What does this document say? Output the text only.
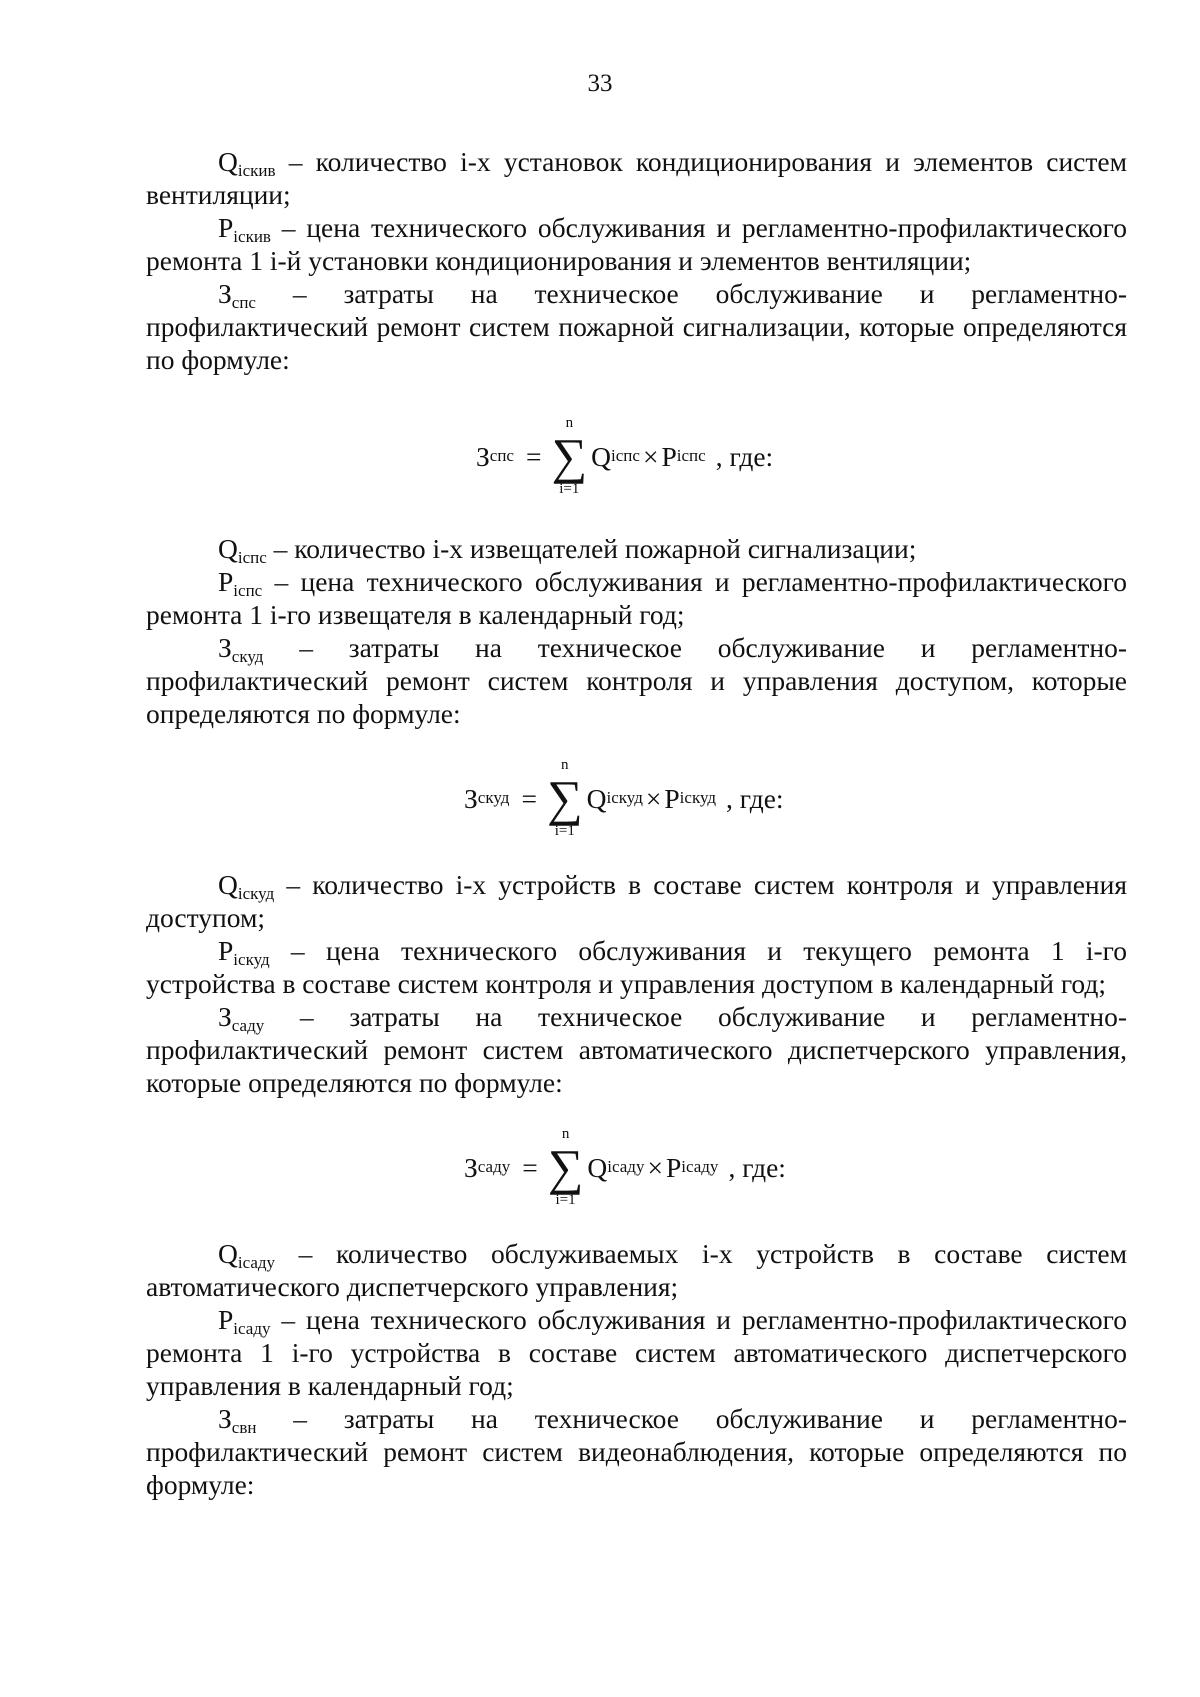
33

$Q_{iскив}$ – количество i-х установок кондиционирования и элементов систем вентиляции;

$P_{iскив}$ – цена технического обслуживания и регламентно-профилактического ремонта 1 i-й установки кондиционирования и элементов вентиляции;

$З_{спс}$ – затраты на техническое обслуживание и регламентно-профилактический ремонт систем пожарной сигнализации, которые определяются по формуле:

З спс =
n
∑
i=1
Q iспс × P iспс , где:

$Q_{iспс}$ – количество i-х извещателей пожарной сигнализации;

$P_{iспс}$ – цена технического обслуживания и регламентно-профилактического ремонта 1 i-го извещателя в календарный год;

$З_{скуд}$ – затраты на техническое обслуживание и регламентно-профилактический ремонт систем контроля и управления доступом, которые определяются по формуле:

З скуд =
n
∑
i=1
Q iскуд × P iскуд , где:

$Q_{iскуд}$ – количество i-х устройств в составе систем контроля и управления доступом;

$P_{iскуд}$ – цена технического обслуживания и текущего ремонта 1 i-го устройства в составе систем контроля и управления доступом в календарный год;

$З_{саду}$ – затраты на техническое обслуживание и регламентно-профилактический ремонт систем автоматического диспетчерского управления, которые определяются по формуле:

З саду =
n
∑
i=1
Q iсаду × P iсаду , где:

$Q_{iсаду}$ – количество обслуживаемых i-х устройств в составе систем автоматического диспетчерского управления;

$P_{iсаду}$ – цена технического обслуживания и регламентно-профилактического ремонта 1 i-го устройства в составе систем автоматического диспетчерского управления в календарный год;

$З_{свн}$ – затраты на техническое обслуживание и регламентно-профилактический ремонт систем видеонаблюдения, которые определяются по формуле:
